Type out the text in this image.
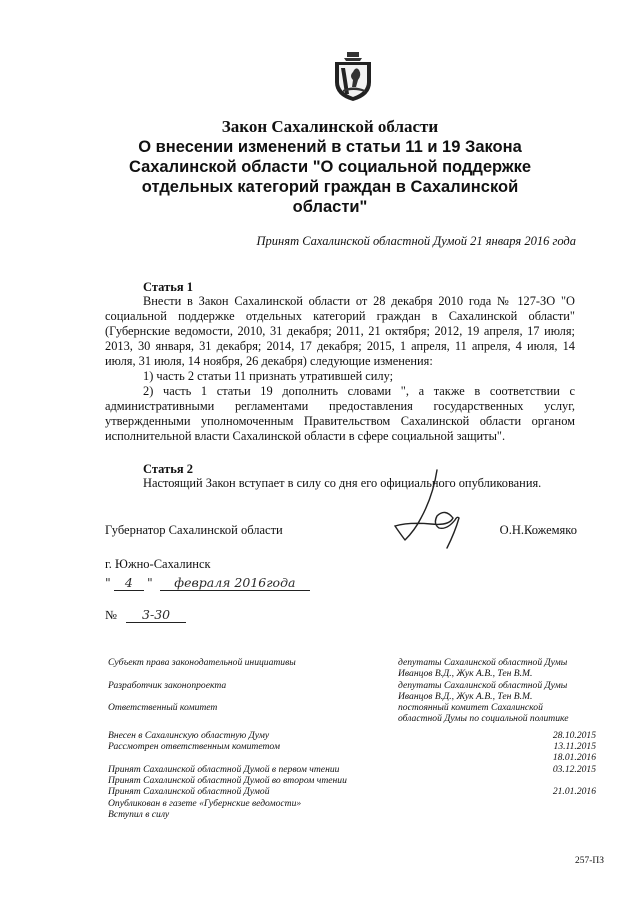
Закон Сахалинской области
О внесении изменений в статьи 11 и 19 Закона
Сахалинской области "О социальной поддержке
отдельных категорий граждан в Сахалинской
области"
Принят Сахалинской областной Думой 21 января 2016 года
Статья 1

Внести в Закон Сахалинской области от 28 декабря 2010 года № 127-ЗО "О социальной поддержке отдельных категорий граждан в Сахалинской области" (Губернские ведомости, 2010, 31 декабря; 2011, 21 октября; 2012, 19 апреля, 17 июля; 2013, 30 января, 31 декабря; 2014, 17 декабря; 2015, 1 апреля, 11 апреля, 4 июля, 14 июля, 31 июля, 14 ноября, 26 декабря) следующие изменения:

1) часть 2 статьи 11 признать утратившей силу;

2) часть 1 статьи 19 дополнить словами ", а также в соответствии с административными регламентами предоставления государственных услуг, утвержденными уполномоченным Правительством Сахалинской области органом исполнительной власти Сахалинской области в сфере социальной защиты".

Статья 2

Настоящий Закон вступает в силу со дня его официального опубликования.

Губернатор Сахалинской области	О.Н.Кожемяко
г. Южно-Сахалинск
" 4 " февраля 2016года
№ 3-30
Субъект права законодательной инициативы	депутаты Сахалинской областной Думы
Иванцов В.Д., Жук А.В., Тен В.М.
Разработчик законопроекта	депутаты Сахалинской областной Думы
Иванцов В.Д., Жук А.В., Тен В.М.
Ответственный комитет	постоянный комитет Сахалинской
областной Думы по социальной политике
Внесен в Сахалинскую областную Думу	28.10.2015
Рассмотрен ответственным комитетом	13.11.2015
18.01.2016
Принят Сахалинской областной Думой в первом чтении	03.12.2015
Принят Сахалинской областной Думой во втором чтении
Принят Сахалинской областной Думой	21.01.2016
Опубликован в газете «Губернские ведомости»
Вступил в силу
257-ПЗ
